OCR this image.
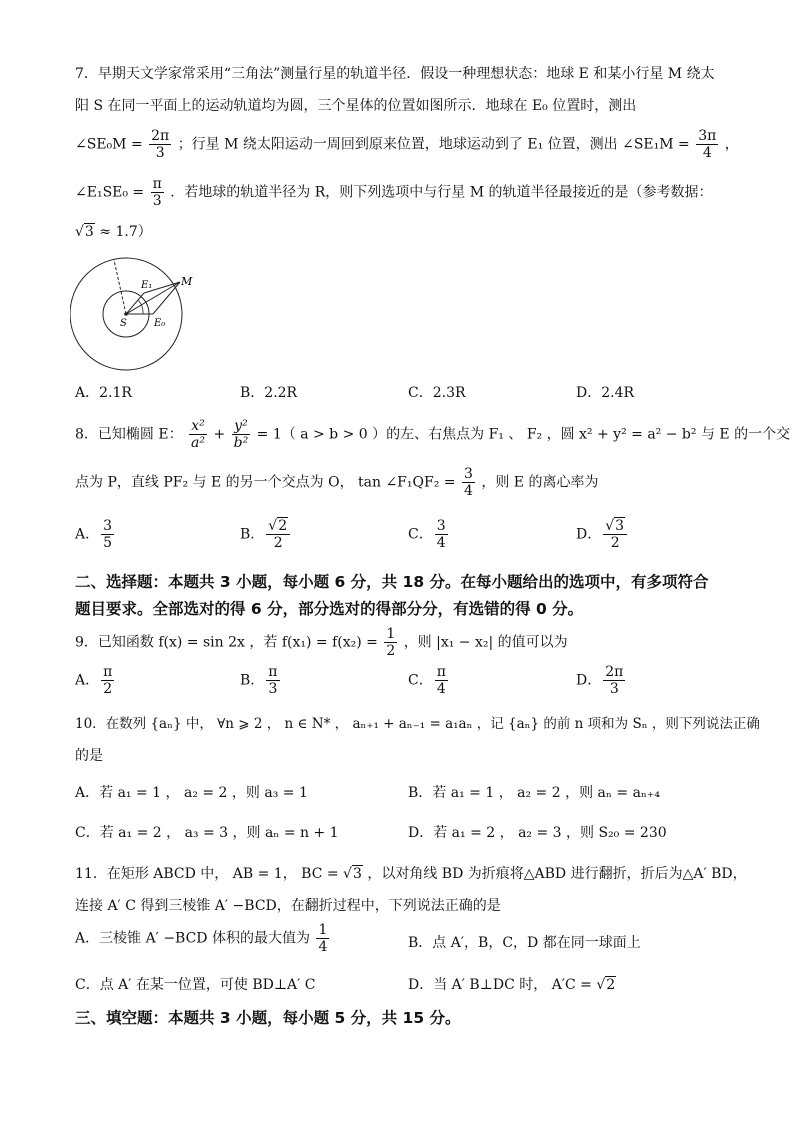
7．早期天文学家常采用“三角法”测量行星的轨道半径．假设一种理想状态：地球 E 和某小行星 M 绕太
阳 S 在同一平面上的运动轨道均为圆，三个星体的位置如图所示．地球在 E₀ 位置时，测出
∠SE₀M = $\frac{2\pi}{3}$ ；行星 M 绕太阳运动一周回到原来位置，地球运动到了 E₁ 位置，测出 ∠SE₁M = $\frac{3\pi}{4}$ ，
∠E₁SE₀ = $\frac{\pi}{3}$ ．若地球的轨道半径为 R，则下列选项中与行星 M 的轨道半径最接近的是（参考数据：
√3 ≈ 1.7）
E₁	M
S	E₀
A．2.1R	B．2.2R	C．2.3R	D．2.4R
8．已知椭圆 E： $\frac{\text{x²}}{\text{a²}} + \frac{\text{y²}}{\text{b²}} = 1$（ a > b > 0 ）的左、右焦点为 F₁ 、 F₂ ，圆 x² + y² = a² − b² 与 E 的一个交
点为 P，直线 PF₂ 与 E 的另一个交点为 O， tan ∠F₁QF₂ = $\frac{3}{4}$ ，则 E 的离心率为
A． $\frac{3}{5}$	B． $\frac{√2}{2}$	C． $\frac{3}{4}$	D． $\frac{√3}{2}$
二、选择题：本题共 3 小题，每小题 6 分，共 18 分。在每小题给出的选项中，有多项符合
题目要求。全部选对的得 6 分，部分选对的得部分分，有选错的得 0 分。
9．已知函数 f(x) = sin 2x ，若 $f(x_1) = f(x_2) = \frac{1}{2}$ ，则 |x₁ − x₂| 的值可以为
A． $\frac{\pi}{2}$	B． $\frac{\pi}{3}$	C． $\frac{\pi}{4}$	D． $\frac{2\pi}{3}$
10．在数列 {aₙ} 中， ∀n ⩾ 2 ， n ∈ N* ， aₙ₊₁ + aₙ₋₁ = a₁aₙ ，记 {aₙ} 的前 n 项和为 Sₙ ，则下列说法正确
的是
A．若 a₁ = 1 ， a₂ = 2 ，则 a₃ = 1	B．若 a₁ = 1 ， a₂ = 2 ，则 aₙ = aₙ₊₄
C．若 a₁ = 2 ， a₃ = 3 ，则 aₙ = n + 1	D．若 a₁ = 2 ， a₂ = 3 ，则 S₂₀ = 230
11．在矩形 ABCD 中， AB = 1， BC = √3 ，以对角线 BD 为折痕将△ABD 进行翻折，折后为△A′ BD，
连接 A′ C 得到三棱锥 A′ −BCD，在翻折过程中，下列说法正确的是
A．三棱锥 A′ −BCD 体积的最大值为 $\frac{1}{4}$	B．点 A′，B，C，D 都在同一球面上
C．点 A′ 在某一位置，可使 BD⊥A′ C	D．当 A′ B⊥DC 时， A′C = √2
三、填空题：本题共 3 小题，每小题 5 分，共 15 分。
